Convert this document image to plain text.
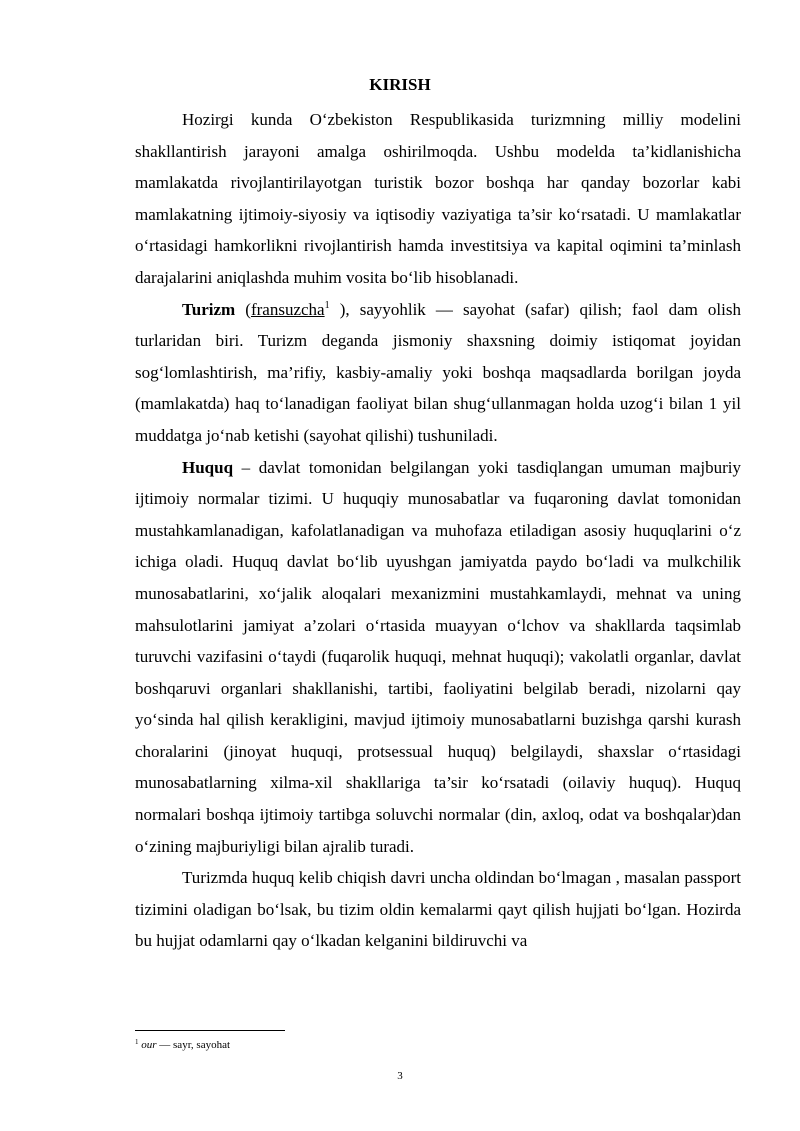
KIRISH

Hozirgi kunda O‘zbekiston Respublikasida turizmning milliy modelini shakllantirish jarayoni amalga oshirilmoqda. Ushbu modelda ta’kidlanishicha mamlakatda rivojlantirilayotgan turistik bozor boshqa har qanday bozorlar kabi mamlakatning ijtimoiy-siyosiy va iqtisodiy vaziyatiga ta’sir ko‘rsatadi. U mamlakatlar o‘rtasidagi hamkorlikni rivojlantirish hamda investitsiya va kapital oqimini ta’minlash darajalarini aniqlashda muhim vosita bo‘lib hisoblanadi.

Turizm (fransuzcha$^1$ ), sayyohlik — sayohat (safar) qilish; faol dam olish turlaridan biri. Turizm deganda jismoniy shaxsning doimiy istiqomat joyidan sog‘lomlashtirish, ma’rifiy, kasbiy-amaliy yoki boshqa maqsadlarda borilgan joyda (mamlakatda) haq to‘lanadigan faoliyat bilan shug‘ullanmagan holda uzog‘i bilan 1 yil muddatga jo‘nab ketishi (sayohat qilishi) tushuniladi.

Huquq – davlat tomonidan belgilangan yoki tasdiqlangan umuman majburiy ijtimoiy normalar tizimi. U huquqiy munosabatlar va fuqaroning davlat tomonidan mustahkamlanadigan, kafolatlanadigan va muhofaza etiladigan asosiy huquqlarini o‘z ichiga oladi. Huquq davlat bo‘lib uyushgan jamiyatda paydo bo‘ladi va mulkchilik munosabatlarini, xo‘jalik aloqalari mexanizmini mustahkamlaydi, mehnat va uning mahsulotlarini jamiyat a’zolari o‘rtasida muayyan o‘lchov va shakllarda taqsimlab turuvchi vazifasini o‘taydi (fuqarolik huquqi, mehnat huquqi); vakolatli organlar, davlat boshqaruvi organlari shakllanishi, tartibi, faoliyatini belgilab beradi, nizolarni qay yo‘sinda hal qilish kerakligini, mavjud ijtimoiy munosabatlarni buzishga qarshi kurash choralarini (jinoyat huquqi, protsessual huquq) belgilaydi, shaxslar o‘rtasidagi munosabatlarning xilma-xil shakllariga ta’sir ko‘rsatadi (oilaviy huquq). Huquq normalari boshqa ijtimoiy tartibga soluvchi normalar (din, axloq, odat va boshqalar)dan o‘zining majburiyligi bilan ajralib turadi.

Turizmda huquq kelib chiqish davri uncha oldindan bo‘lmagan , masalan passport tizimini oladigan bo‘lsak, bu tizim oldin kemalarmi qayt qilish hujjati bo‘lgan. Hozirda bu hujjat odamlarni qay o‘lkadan kelganini bildiruvchi va

$^1$ our — sayr, sayohat
3
